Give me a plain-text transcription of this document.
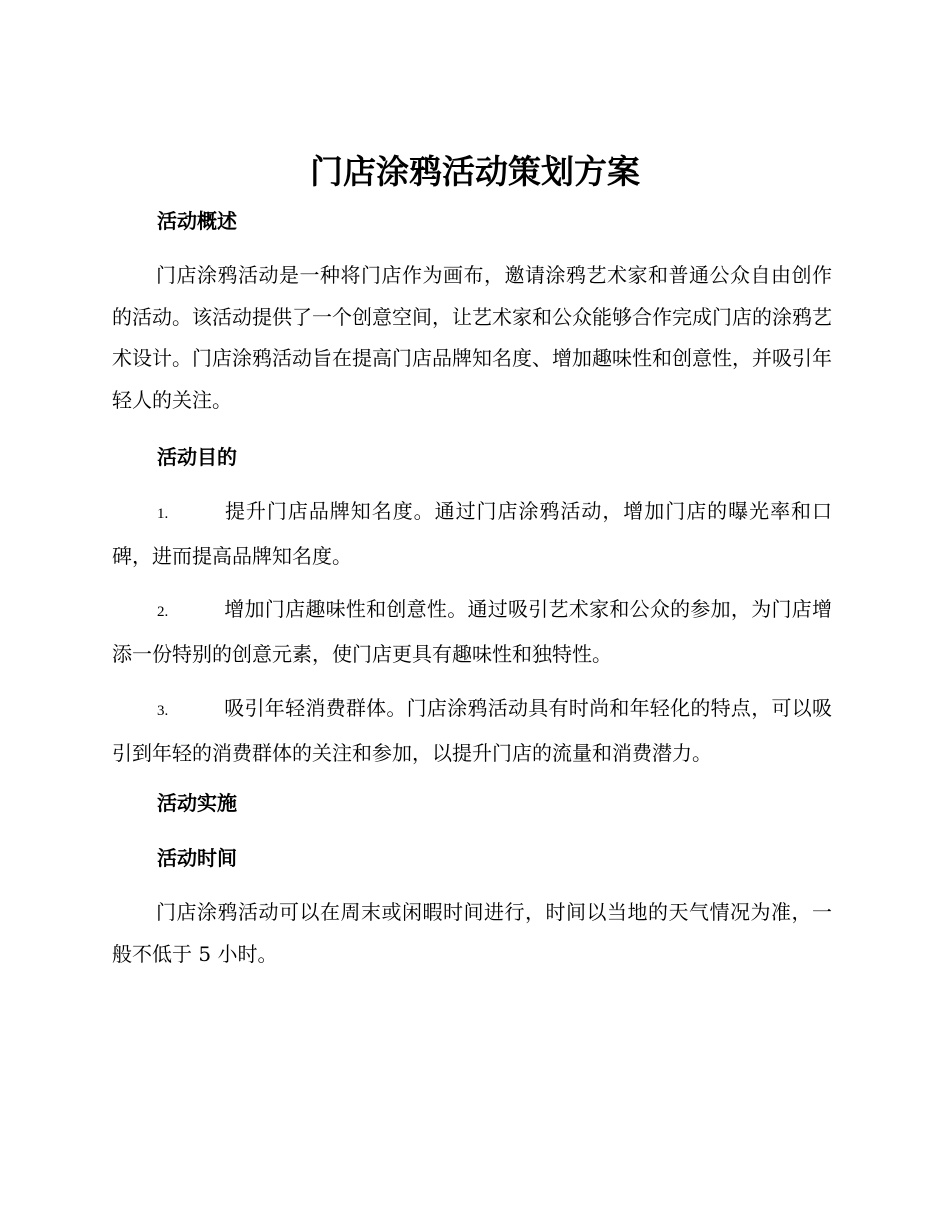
门店涂鸦活动策划方案
活动概述

门店涂鸦活动是一种将门店作为画布，邀请涂鸦艺术家和普通公众自由创作的活动。该活动提供了一个创意空间，让艺术家和公众能够合作完成门店的涂鸦艺术设计。门店涂鸦活动旨在提高门店品牌知名度、增加趣味性和创意性，并吸引年轻人的关注。

活动目的

1.	提升门店品牌知名度。通过门店涂鸦活动，增加门店的曝光率和口碑，进而提高品牌知名度。

2.	增加门店趣味性和创意性。通过吸引艺术家和公众的参加，为门店增添一份特别的创意元素，使门店更具有趣味性和独特性。

3.	吸引年轻消费群体。门店涂鸦活动具有时尚和年轻化的特点，可以吸引到年轻的消费群体的关注和参加，以提升门店的流量和消费潜力。

活动实施
活动时间

门店涂鸦活动可以在周末或闲暇时间进行，时间以当地的天气情况为准，一般不低于 5 小时。
